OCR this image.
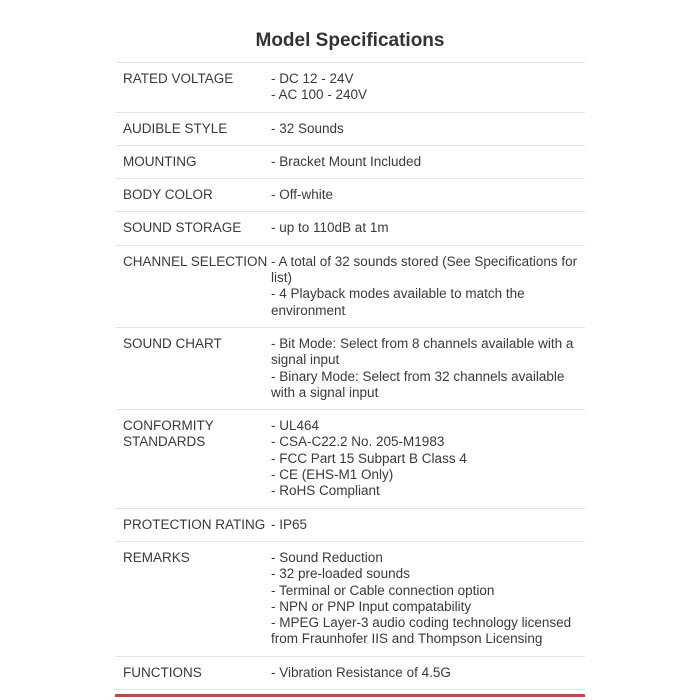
Model Specifications
RATED VOLTAGE	- DC 12 - 24V
- AC 100 - 240V
AUDIBLE STYLE	- 32 Sounds
MOUNTING	- Bracket Mount Included
BODY COLOR	- Off-white
SOUND STORAGE	- up to 110dB at 1m
CHANNEL SELECTION - A total of 32 sounds stored (See Specifications for list)
- 4 Playback modes available to match the environment
SOUND CHART	- Bit Mode: Select from 8 channels available with a signal input
- Binary Mode: Select from 32 channels available with a signal input
CONFORMITY STANDARDS
- UL464
- CSA-C22.2 No. 205-M1983
- FCC Part 15 Subpart B Class 4
- CE (EHS-M1 Only)
- RoHS Compliant
PROTECTION RATING - IP65
REMARKS	- Sound Reduction
- 32 pre-loaded sounds
- Terminal or Cable connection option
- NPN or PNP Input compatability
- MPEG Layer-3 audio coding technology licensed from Fraunhofer IIS and Thompson Licensing
FUNCTIONS	- Vibration Resistance of 4.5G
